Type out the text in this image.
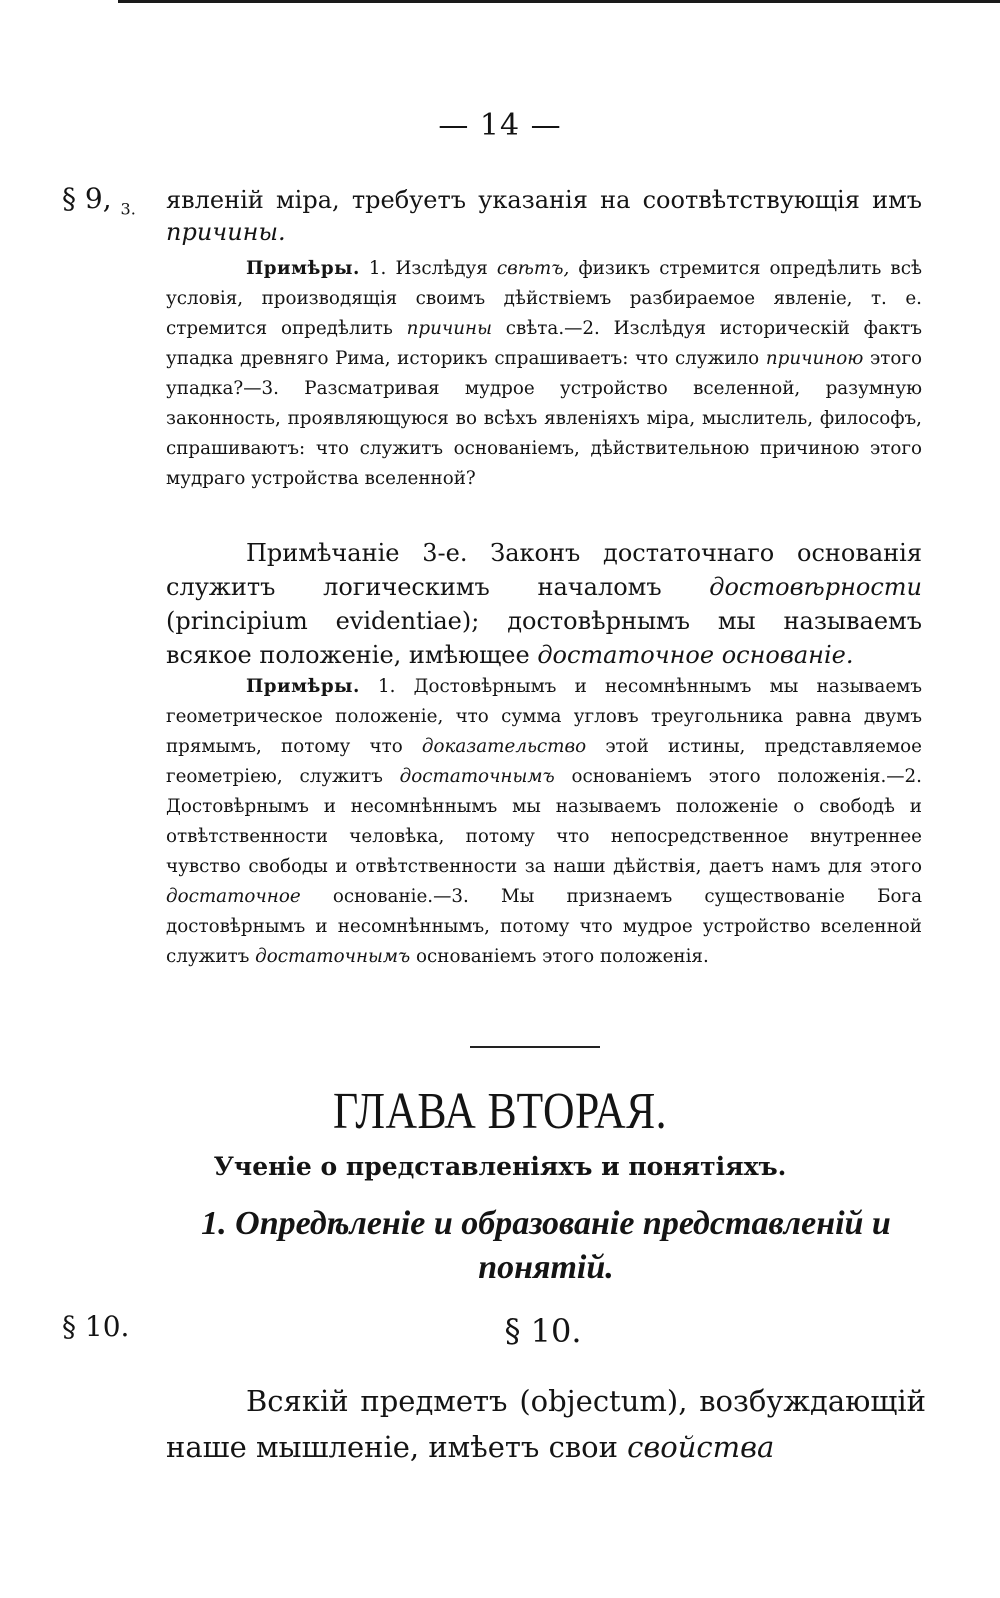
— 14 —
§ 9, $_{3.}$
§ 10.

явленій міра, требуетъ указанія на соотвѣтствующія имъ причины.

Примѣры. 1. Изслѣдуя свѣтъ, физикъ стремится опредѣлить всѣ условія, производящія своимъ дѣйствіемъ разбираемое явленіе, т. е. стремится опредѣлить причины свѣта.—2. Изслѣдуя историческій фактъ упадка древняго Рима, историкъ спрашиваетъ: что служило причиною этого упадка?—3. Разсматривая мудрое устройство вселенной, разумную законность, проявляющуюся во всѣхъ явленіяхъ міра, мыслитель, философъ, спрашиваютъ: что служитъ основаніемъ, дѣйствительною причиною этого мудраго устройства вселенной?

Примѣчаніе 3-е. Законъ достаточнаго основанія служитъ логическимъ началомъ достовѣрности (principium evidentiae); достовѣрнымъ мы называемъ всякое положеніе, имѣющее достаточное основаніе.

Примѣры. 1. Достовѣрнымъ и несомнѣннымъ мы называемъ геометрическое положеніе, что сумма угловъ треугольника равна двумъ прямымъ, потому что доказательство этой истины, представляемое геометріею, служитъ достаточнымъ основаніемъ этого положенія.—2. Достовѣрнымъ и несомнѣннымъ мы называемъ положеніе о свободѣ и отвѣтственности человѣка, потому что непосредственное внутреннее чувство свободы и отвѣтственности за наши дѣйствія, даетъ намъ для этого достаточное основаніе.—3. Мы признаемъ существованіе Бога достовѣрнымъ и несомнѣннымъ, потому что мудрое устройство вселенной служитъ достаточнымъ основаніемъ этого положенія.

ГЛАВА ВТОРАЯ.
Ученіе о представленіяхъ и понятіяхъ.
1. Опредѣленіе и образованіе представленій и понятій.
§ 10.
Всякій предметъ (objectum), возбуждающій наше мышленіе, имѣетъ свои свойства
